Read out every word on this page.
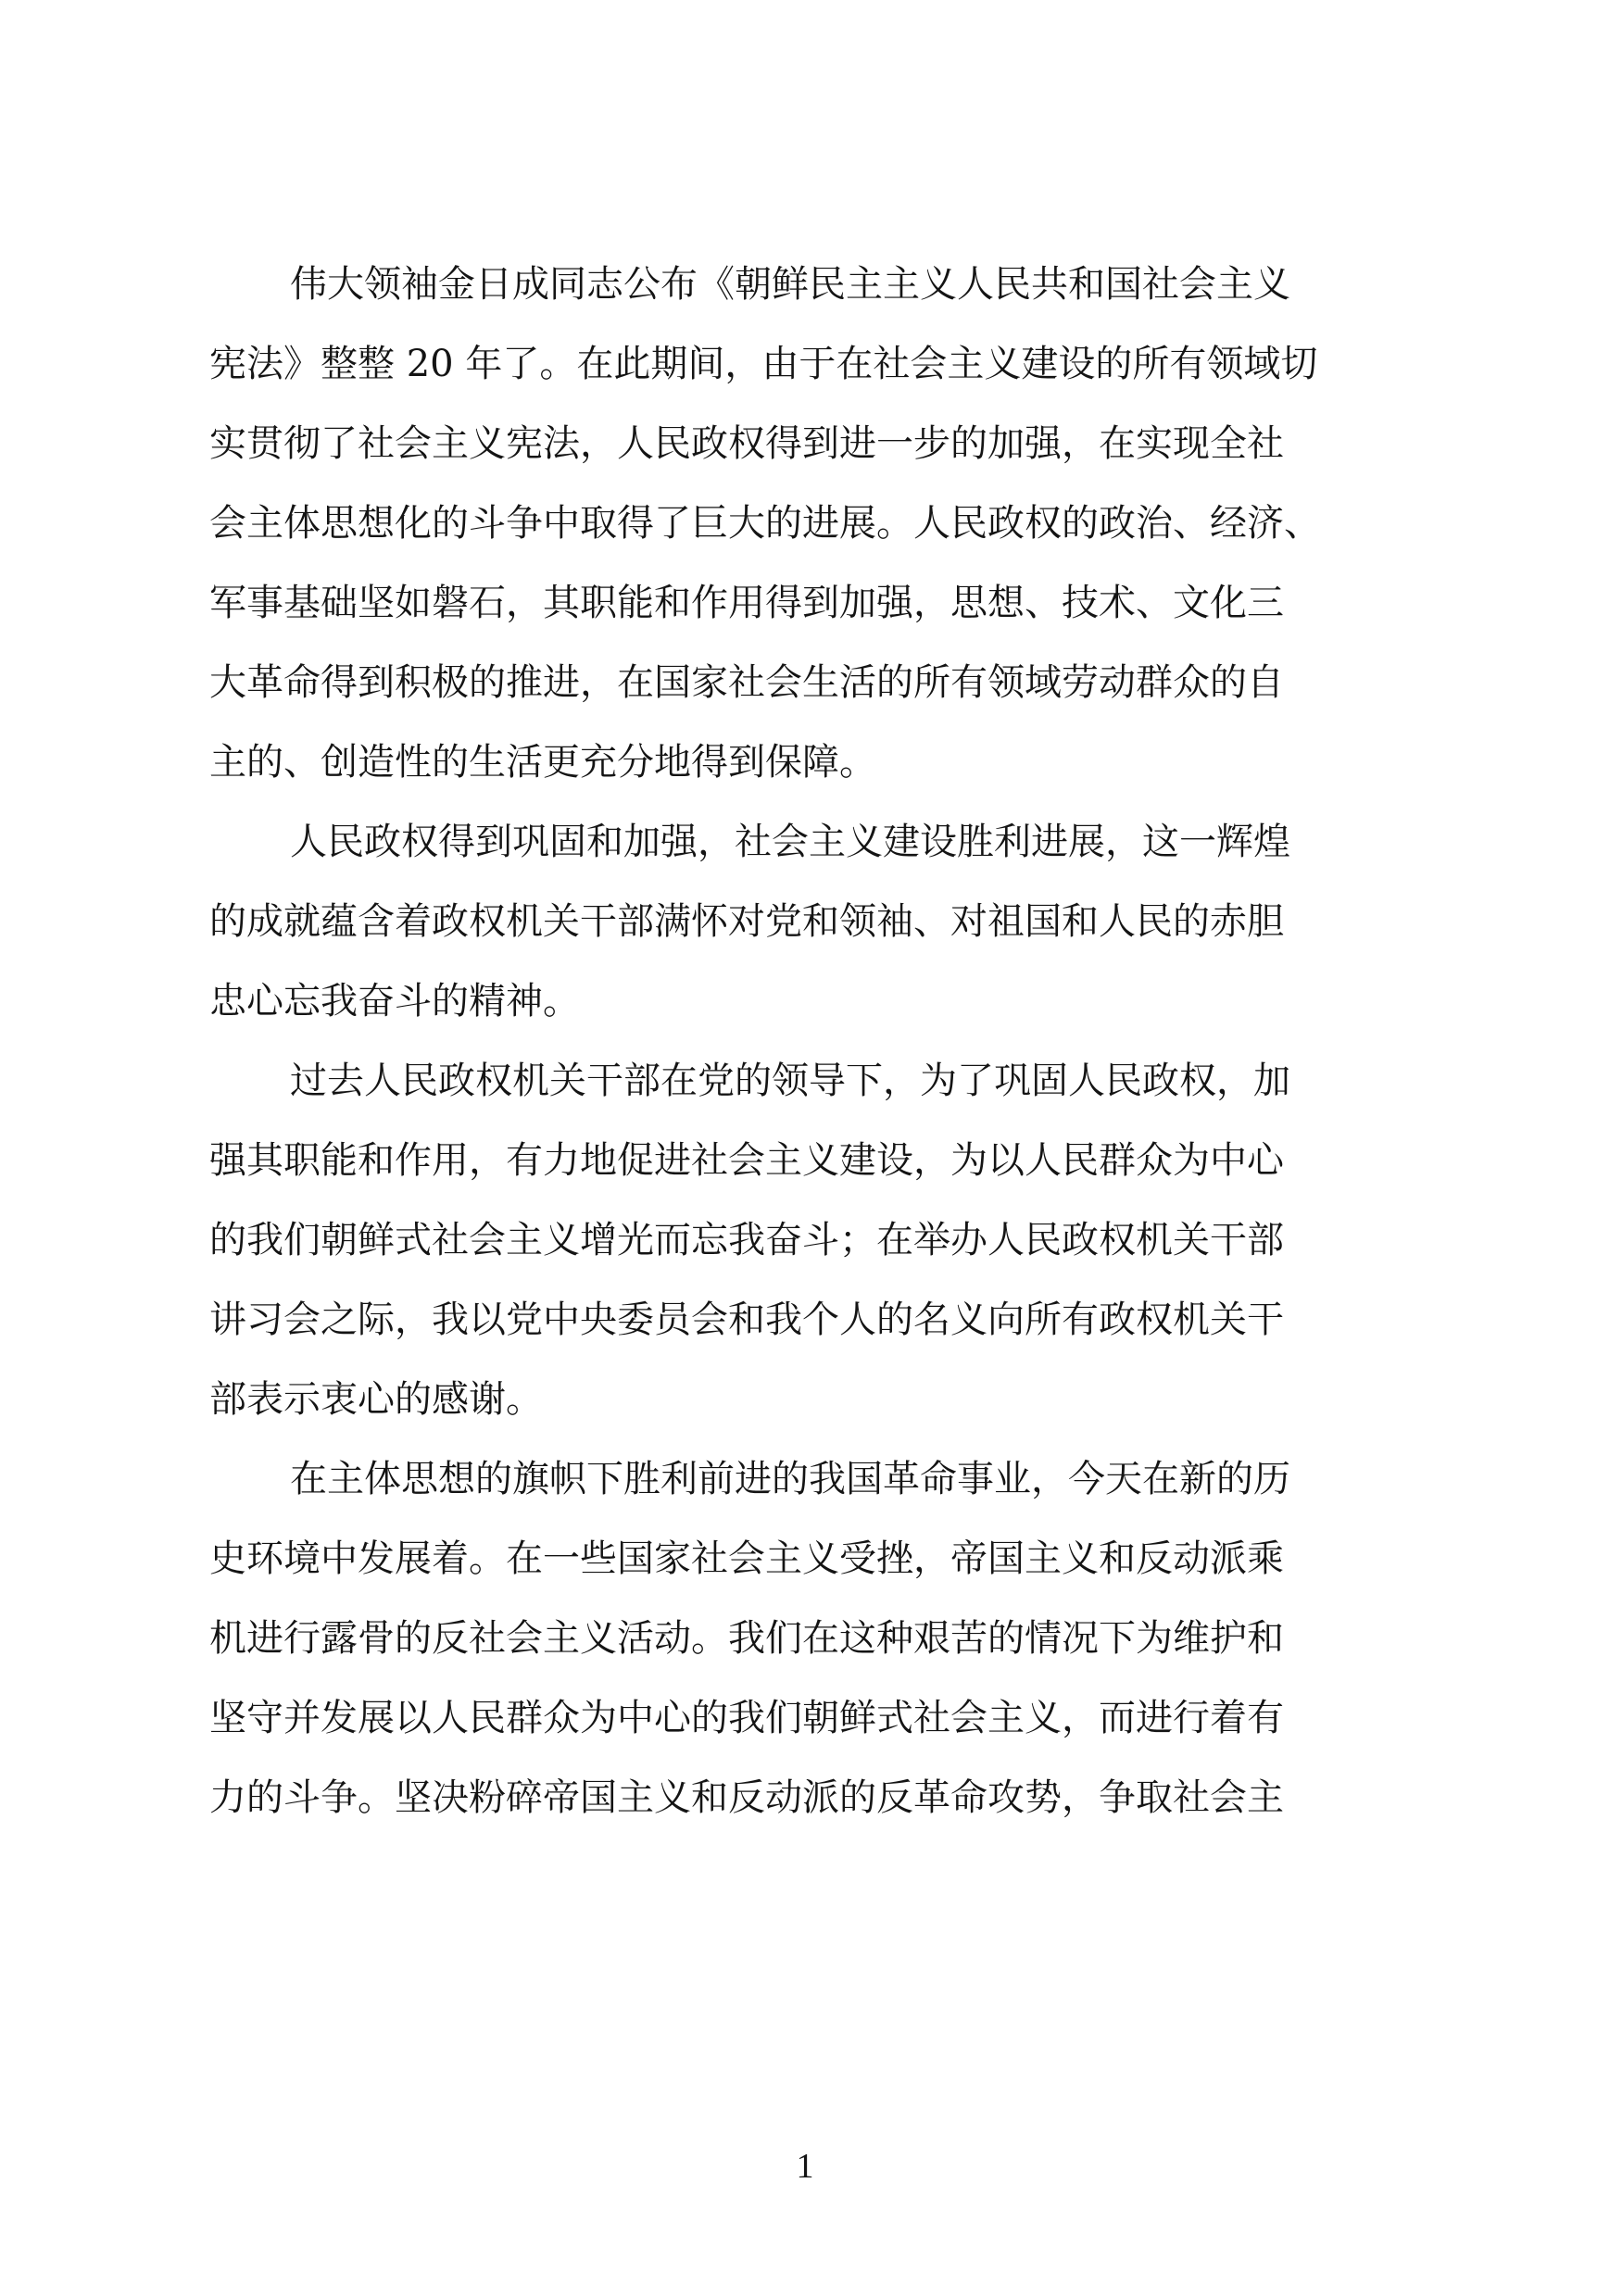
伟大领袖金日成同志公布《朝鲜民主主义人民共和国社会主义
宪法》整整 20 年了。在此期间，由于在社会主义建设的所有领域切
实贯彻了社会主义宪法，人民政权得到进一步的加强，在实现全社
会主体思想化的斗争中取得了巨大的进展。人民政权的政治、经济、
军事基础坚如磐石，其职能和作用得到加强，思想、技术、文化三
大革命得到积极的推进，在国家社会生活的所有领域劳动群众的自
主的、创造性的生活更充分地得到保障。
人民政权得到巩固和加强，社会主义建设胜利进展，这一辉煌
的成就蕴含着政权机关干部满怀对党和领袖、对祖国和人民的赤胆
忠心忘我奋斗的精神。
过去人民政权机关干部在党的领导下，为了巩固人民政权，加
强其职能和作用，有力地促进社会主义建设，为以人民群众为中心
的我们朝鲜式社会主义增光而忘我奋斗；在举办人民政权机关干部
讲习会之际，我以党中央委员会和我个人的名义向所有政权机关干
部表示衷心的感谢。
在主体思想的旗帜下胜利前进的我国革命事业，今天在新的历
史环境中发展着。在一些国家社会主义受挫，帝国主义和反动派乘
机进行露骨的反社会主义活动。我们在这种艰苦的情况下为维护和
坚守并发展以人民群众为中心的我们朝鲜式社会主义，而进行着有
力的斗争。坚决粉碎帝国主义和反动派的反革命攻势，争取社会主
1
